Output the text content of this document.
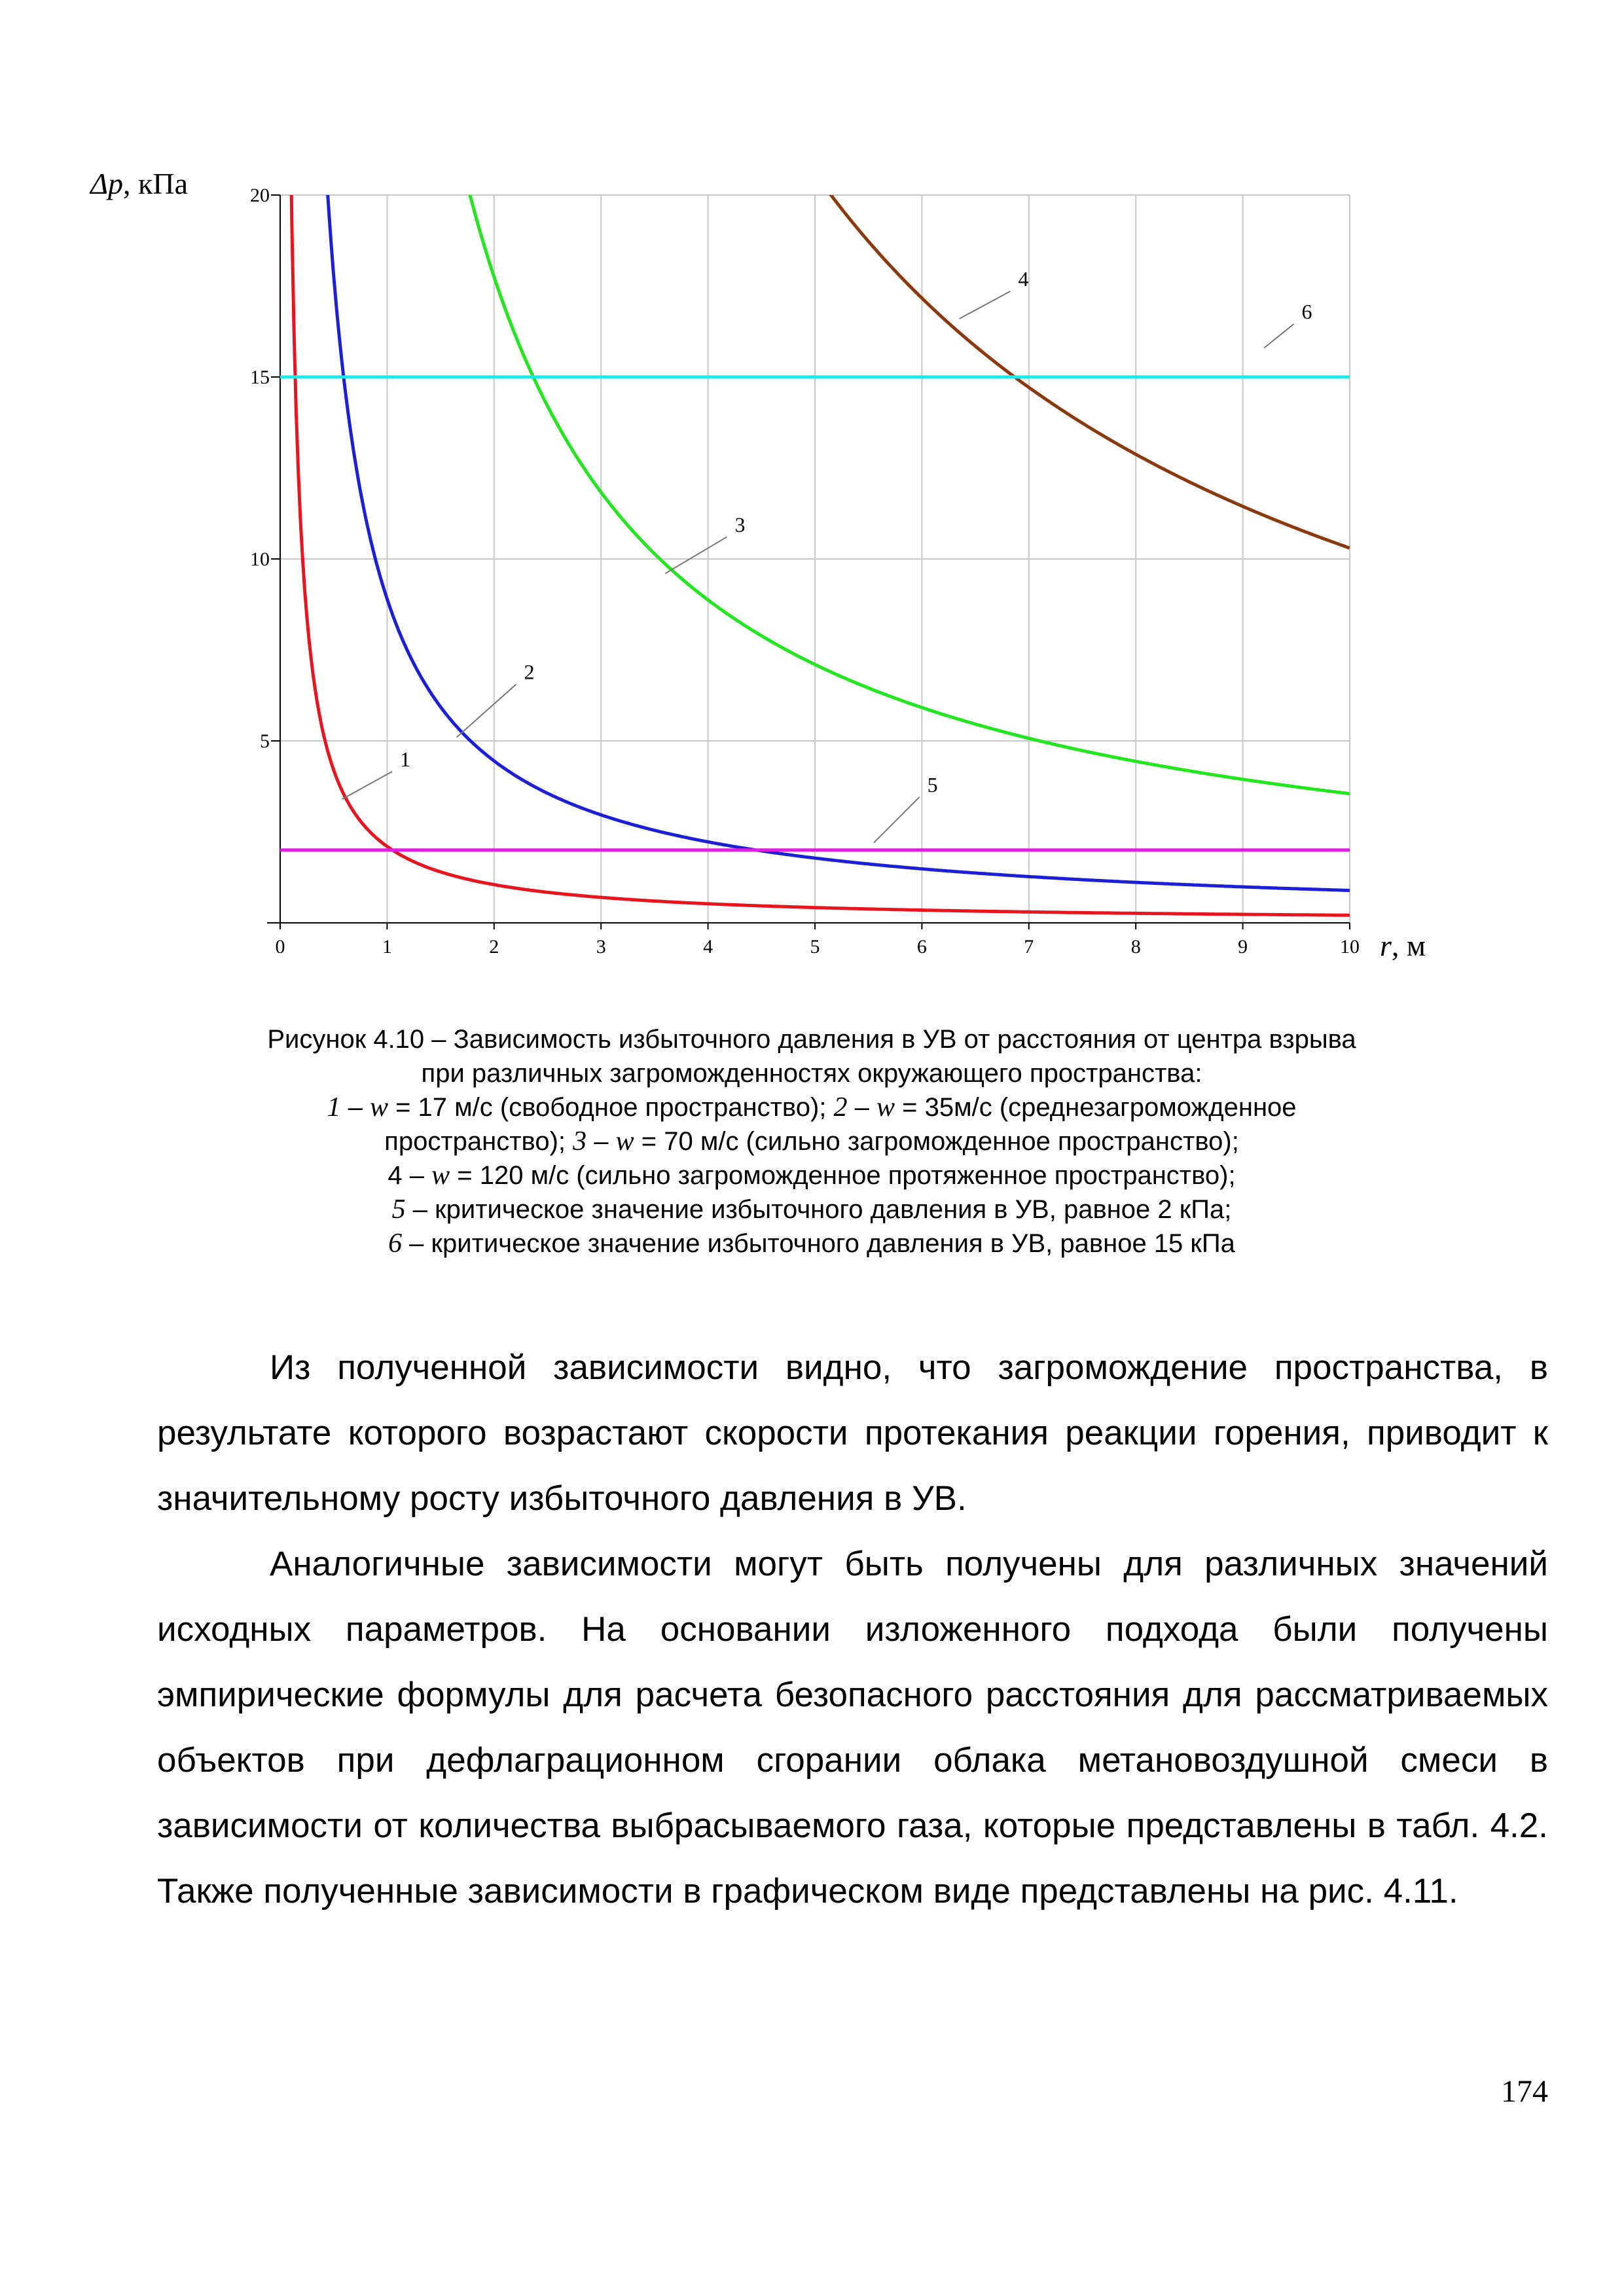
0	1	2	3	4	5	6	7	8	9	10
5
10
15
20
1
2
3
4
5
6
Δp, кПа
r, м
Рисунок 4.10 – Зависимость избыточного давления в УВ от расстояния от центра взрыва
при различных загроможденностях окружающего пространства:
1 – w = 17 м/с (свободное пространство); 2 – w = 35м/с (среднезагроможденное
пространство); 3 – w = 70 м/с (сильно загроможденное пространство);
4 – w = 120 м/с (сильно загроможденное протяженное пространство);
5 – критическое значение избыточного давления в УВ, равное 2 кПа;
6 – критическое значение избыточного давления в УВ, равное 15 кПа

Из полученной зависимости видно, что загромождение пространства, в результате которого возрастают скорости протекания реакции горения, приводит к значительному росту избыточного давления в УВ.

Аналогичные зависимости могут быть получены для различных значений исходных параметров. На основании изложенного подхода были получены эмпирические формулы для расчета безопасного расстояния для рассматриваемых объектов при дефлаграционном сгорании облака метановоздушной смеси в зависимости от количества выбрасываемого газа, которые представлены в табл. 4.2. Также полученные зависимости в графическом виде представлены на рис. 4.11.

174
